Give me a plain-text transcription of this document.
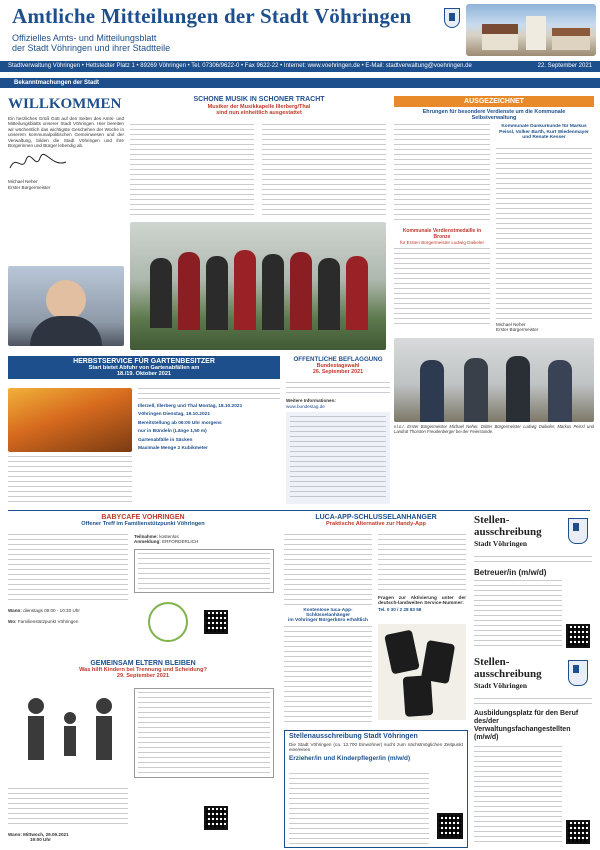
Amtliche Mitteilungen der Stadt Vöhringen
Offizielles Amts- und Mitteilungsblatt
der Stadt Vöhringen und ihrer Stadtteile
Stadtverwaltung Vöhringen • Hettstedter Platz 1 • 89269 Vöhringen • Tel. 07306/9622-0 • Fax 9622-22 • Internet: www.voehringen.de • E-Mail: stadtverwaltung@voehringen.de	22. September 2021
Bekanntmachungen der Stadt
WILLKOMMEN
Ein herzliches Grüß Gott auf den Seiten des Amts- und Mitteilungsblatts unserer Stadt Vöhringen. Hier bereiten wir wöchentlich das wichtigste Geschehen der Woche in unserem kommunalpolitischen Gemeinwesen und der Verwaltung, bilden die Stadt Vöhringen und ihre Bürgerinnen und Bürger lebendig ab.
Michael Neher
Erster Bürgermeister
SCHÖNE MUSIK IN SCHÖNER TRACHT
Musiker der Musikkapelle Illerberg/Thal
sind nun einheitlich ausgestattet
AUSGEZEICHNET
Ehrungen für besondere Verdienste um die Kommunale
Selbstverwaltung
Kommunale Verdienstmedaille in Bronze
für Ersten Bürgermeister Ludwig Daikeler
Kommunale Dankurkunde für Markus Peissl, Volker Barth, Kurt Wiedenmayer und Renate Kesser
Michael Neher
Erster Bürgermeister
v.l.n.r. Erster Bürgermeister Michael Neher, Dritter Bürgermeister Ludwig Daikeler, Markus Peissl und Landrat Thorsten Freudenberger bei der Feierstunde.
HERBSTSERVICE FÜR GARTENBESITZER
Start bietet Abfuhr von Gartenabfällen am
18./19. Oktober 2021
Illerzell, Illerberg und Thal Montag, 18.10.2021
Vöhringen Dienstag, 19.10.2021
Bereitstellung ab 06:00 Uhr morgens
nur in Bündeln (Länge 1,50 m)
Gartenabfälle in Säcken
Maximale Menge 2 Kubikmeter
ÖFFENTLICHE BEFLAGGUNG
Bundestagswahl
26. September 2021
Weitere Informationen:
www.bundestag.de
BABYCAFÉ VÖHRINGEN
Offener Treff im Familienstützpunkt Vöhringen
Wann: dienstags 09:00 - 10:30 Uhr
Wo: Familienstützpunkt Vöhringen
Teilnahme: kostenlos
Anmeldung: ERFORDERLICH
GEMEINSAM ELTERN BLEIBEN
Was hilft Kindern bei Trennung und Scheidung?
29. September 2021
Wann: Mittwoch, 29.09.2021
19:00 Uhr
LUCA-APP-SCHLÜSSELANHÄNGER
Praktische Alternative zur Handy-App
Kostenlose luca-App-Schlüsselanhänger
im Vöhringer Bürgerbüro erhältlich
Fragen zur Aktivierung unter der deutsch-landweiten Service-Nummer:
Tel. 0 30 / 2 28 83 58
Stellenausschreibung Stadt Vöhringen
Die Stadt Vöhringen (ca. 13.700 Einwohner) sucht zum nächstmöglichen Zeitpunkt eine/einen
Erzieher/in und Kinderpfleger/in (m/w/d)
Stellen-
ausschreibung
Stadt Vöhringen
Betreuer/in (m/w/d)
Stellen-
ausschreibung
Stadt Vöhringen
Ausbildungsplatz für den Beruf des/der Verwaltungsfachangestellten (m/w/d)
